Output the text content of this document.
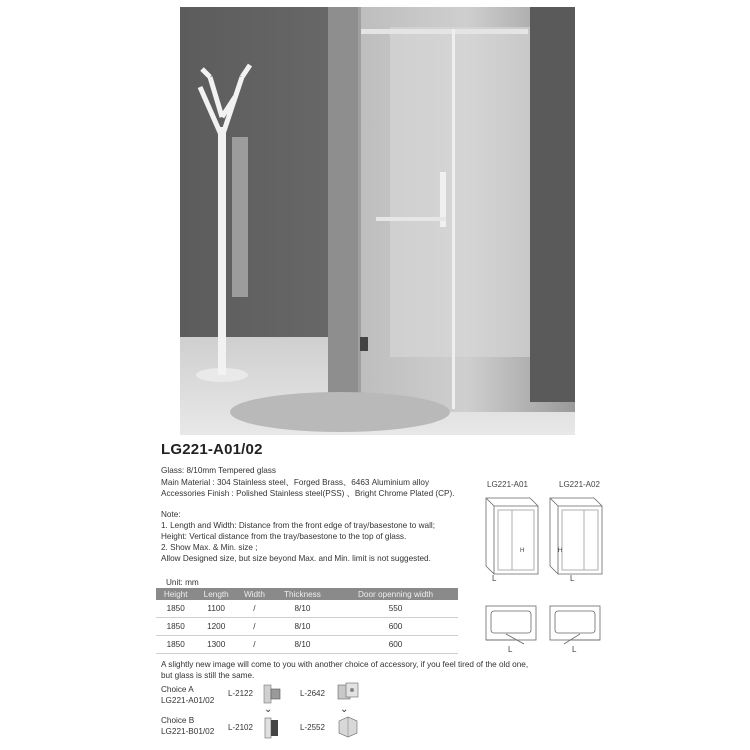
LG221-A01/02
Glass: 8/10mm Tempered glass
Main Material : 304 Stainless steel、Forged Brass、6463 Aluminium alloy
Accessories Finish : Polished Stainless steel(PSS) 、Bright Chrome Plated (CP).
Note:
1. Length and Width: Distance from the front edge of tray/basestone to wall;
Height: Vertical distance from the tray/basestone to the top of glass.
2. Show Max. & Min. size ;
Allow Designed size, but size beyond Max. and Min. limit is not suggested.
Unit: mm
Height	Length	Width	Thickness	Door openning width
1850	1100	/	8/10	550
1850	1200	/	8/10	600
1850	1300	/	8/10	600
LG221-A01	LG221-A02
L	L
H	H
L	L
A slightly new image will come to you with another choice of accessory, if you feel tired of the old one,
but glass is still the same.
Choice A
LG221-A01/02
Choice B
LG221-B01/02
L-2122	L-2642
L-2102	L-2552
⌄	⌄
